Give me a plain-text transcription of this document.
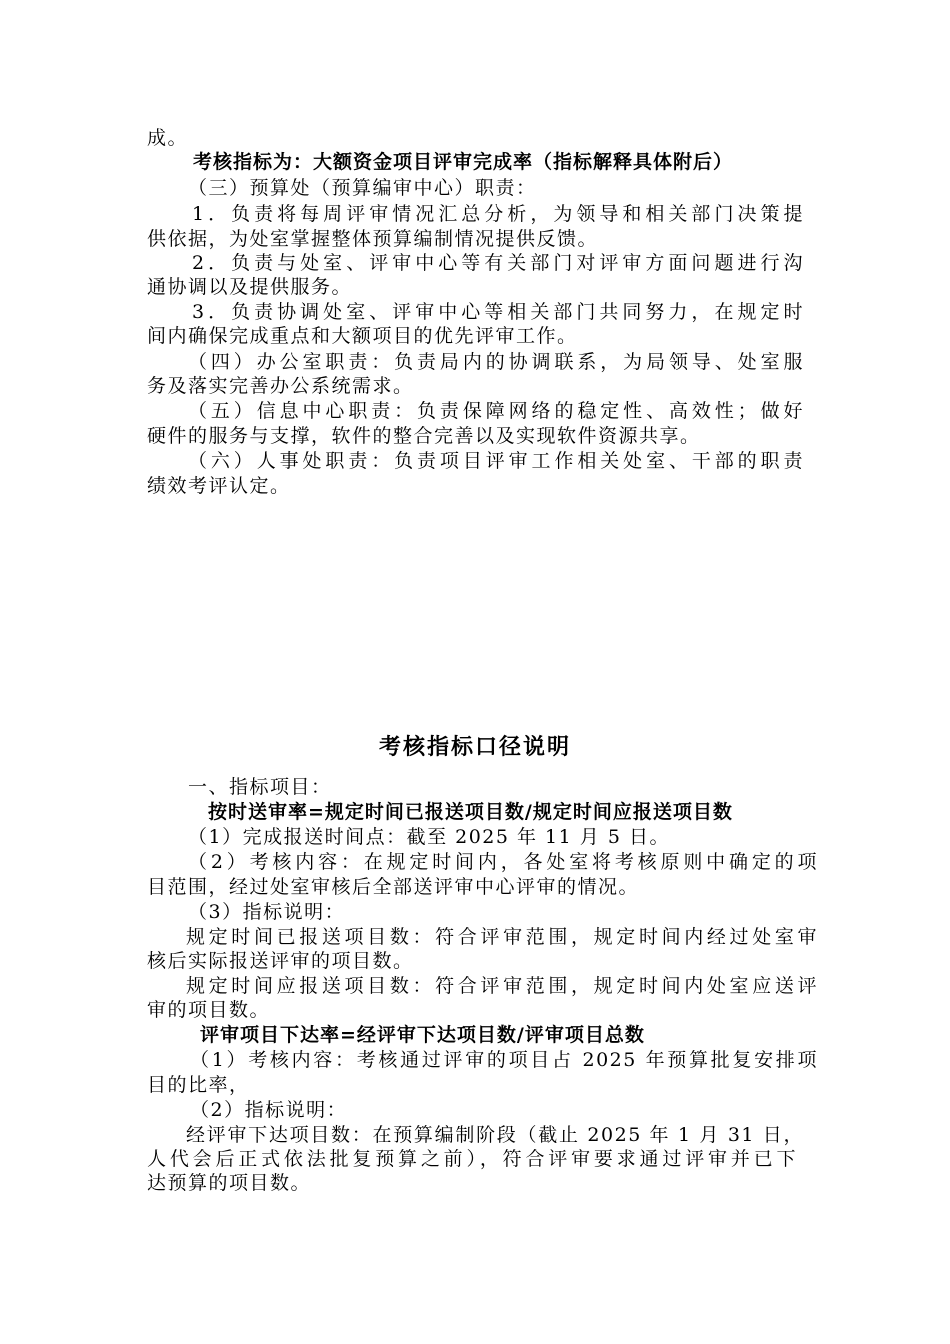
成。
考核指标为：大额资金项目评审完成率（指标解释具体附后）
（三）预算处（预算编审中心）职责：
1．负责将每周评审情况汇总分析，为领导和相关部门决策提
供依据，为处室掌握整体预算编制情况提供反馈。
2．负责与处室、评审中心等有关部门对评审方面问题进行沟
通协调以及提供服务。
3．负责协调处室、评审中心等相关部门共同努力，在规定时
间内确保完成重点和大额项目的优先评审工作。
（四）办公室职责：负责局内的协调联系，为局领导、处室服
务及落实完善办公系统需求。
（五）信息中心职责：负责保障网络的稳定性、高效性；做好
硬件的服务与支撑，软件的整合完善以及实现软件资源共享。
（六）人事处职责：负责项目评审工作相关处室、干部的职责
绩效考评认定。
考核指标口径说明
一、指标项目：
按时送审率=规定时间已报送项目数/规定时间应报送项目数
（1）完成报送时间点：截至 2025 年 11 月 5 日。
（2）考核内容：在规定时间内，各处室将考核原则中确定的项
目范围，经过处室审核后全部送评审中心评审的情况。
（3）指标说明：
规定时间已报送项目数：符合评审范围，规定时间内经过处室审
核后实际报送评审的项目数。
规定时间应报送项目数：符合评审范围，规定时间内处室应送评
审的项目数。
评审项目下达率=经评审下达项目数/评审项目总数
（1）考核内容：考核通过评审的项目占 2025 年预算批复安排项
目的比率，
（2）指标说明：
经评审下达项目数：在预算编制阶段（截止 2025 年 1 月 31 日，
人代会后正式依法批复预算之前），符合评审要求通过评审并已下
达预算的项目数。
